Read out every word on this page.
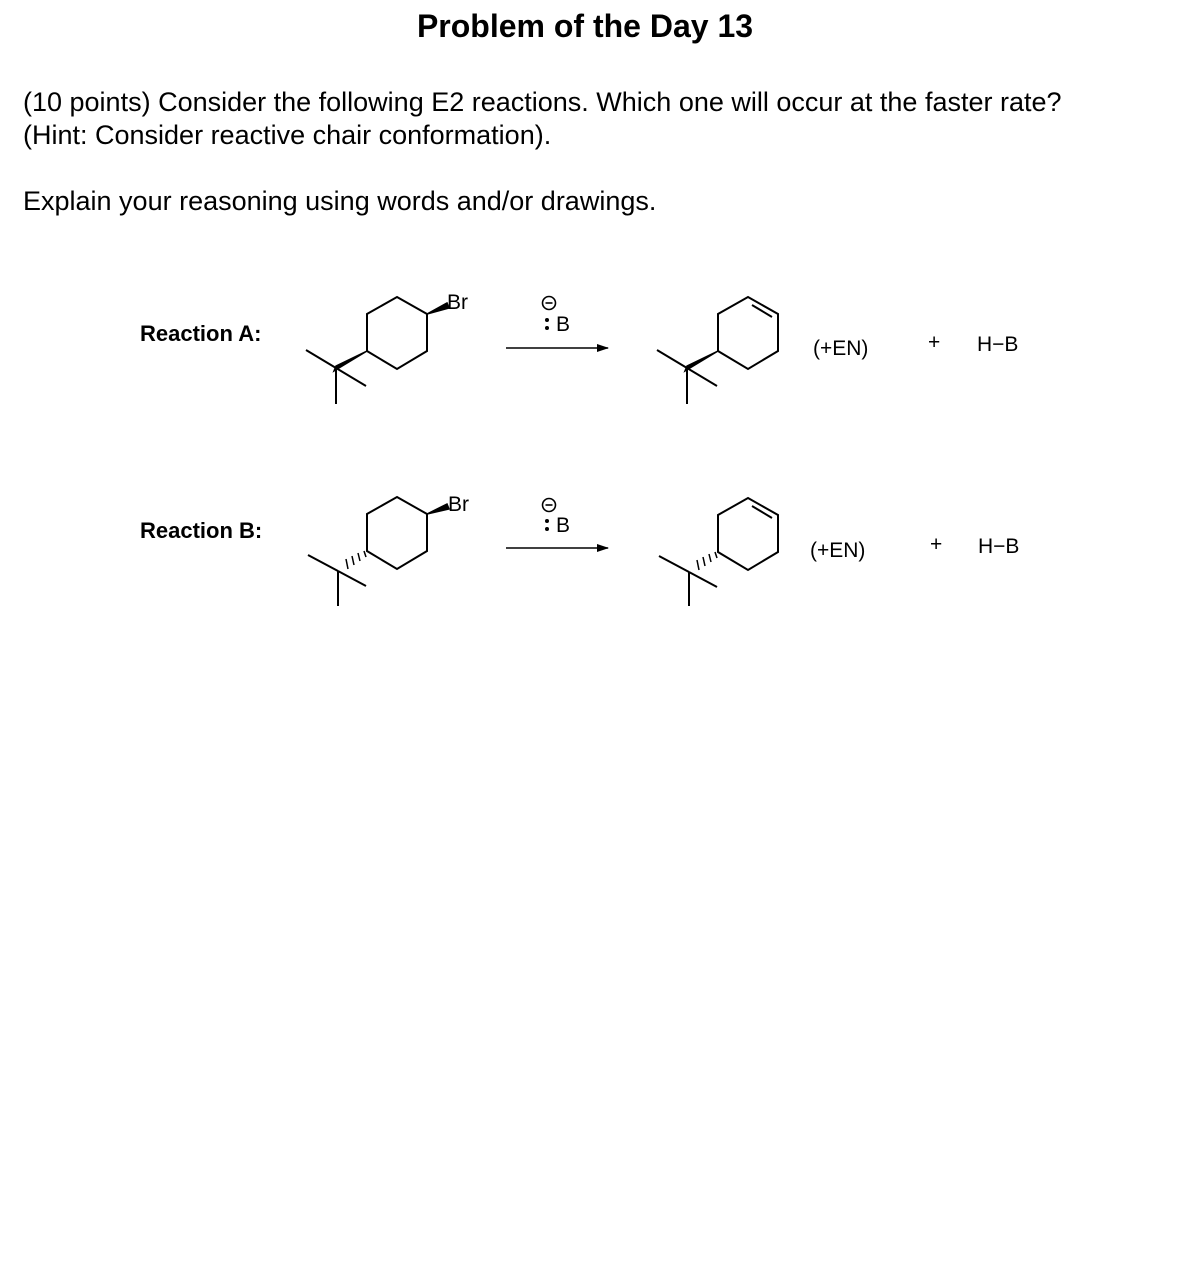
Problem of the Day 13
(10 points) Consider the following E2 reactions. Which one will occur at the faster rate?
(Hint: Consider reactive chair conformation).
Explain your reasoning using words and/or drawings.
Reaction A:
Reaction B:
Br
B
(+EN)	+ H−B
Br
B
(+EN)	+ H−B
